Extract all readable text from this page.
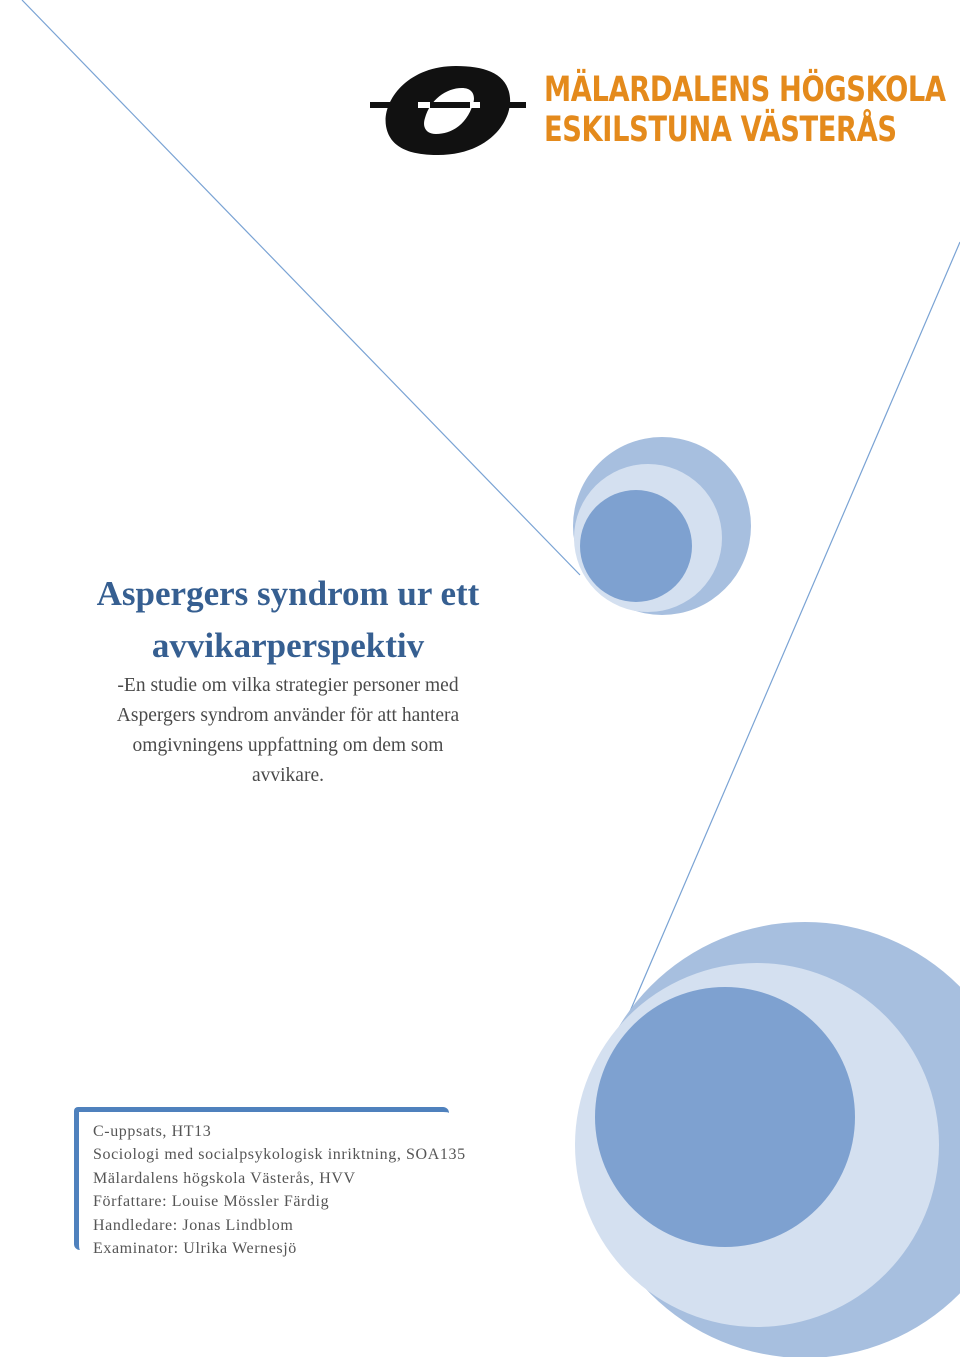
MÄLARDALENS HÖGSKOLA
ESKILSTUNA VÄSTERÅS
Aspergers syndrom ur ett
avvikarperspektiv
-En studie om vilka strategier personer med
Aspergers syndrom använder för att hantera
omgivningens uppfattning om dem som
avvikare.
C-uppsats, HT13
Sociologi med socialpsykologisk inriktning, SOA135
Mälardalens högskola Västerås, HVV
Författare: Louise Mössler Färdig
Handledare: Jonas Lindblom
Examinator: Ulrika Wernesjö
